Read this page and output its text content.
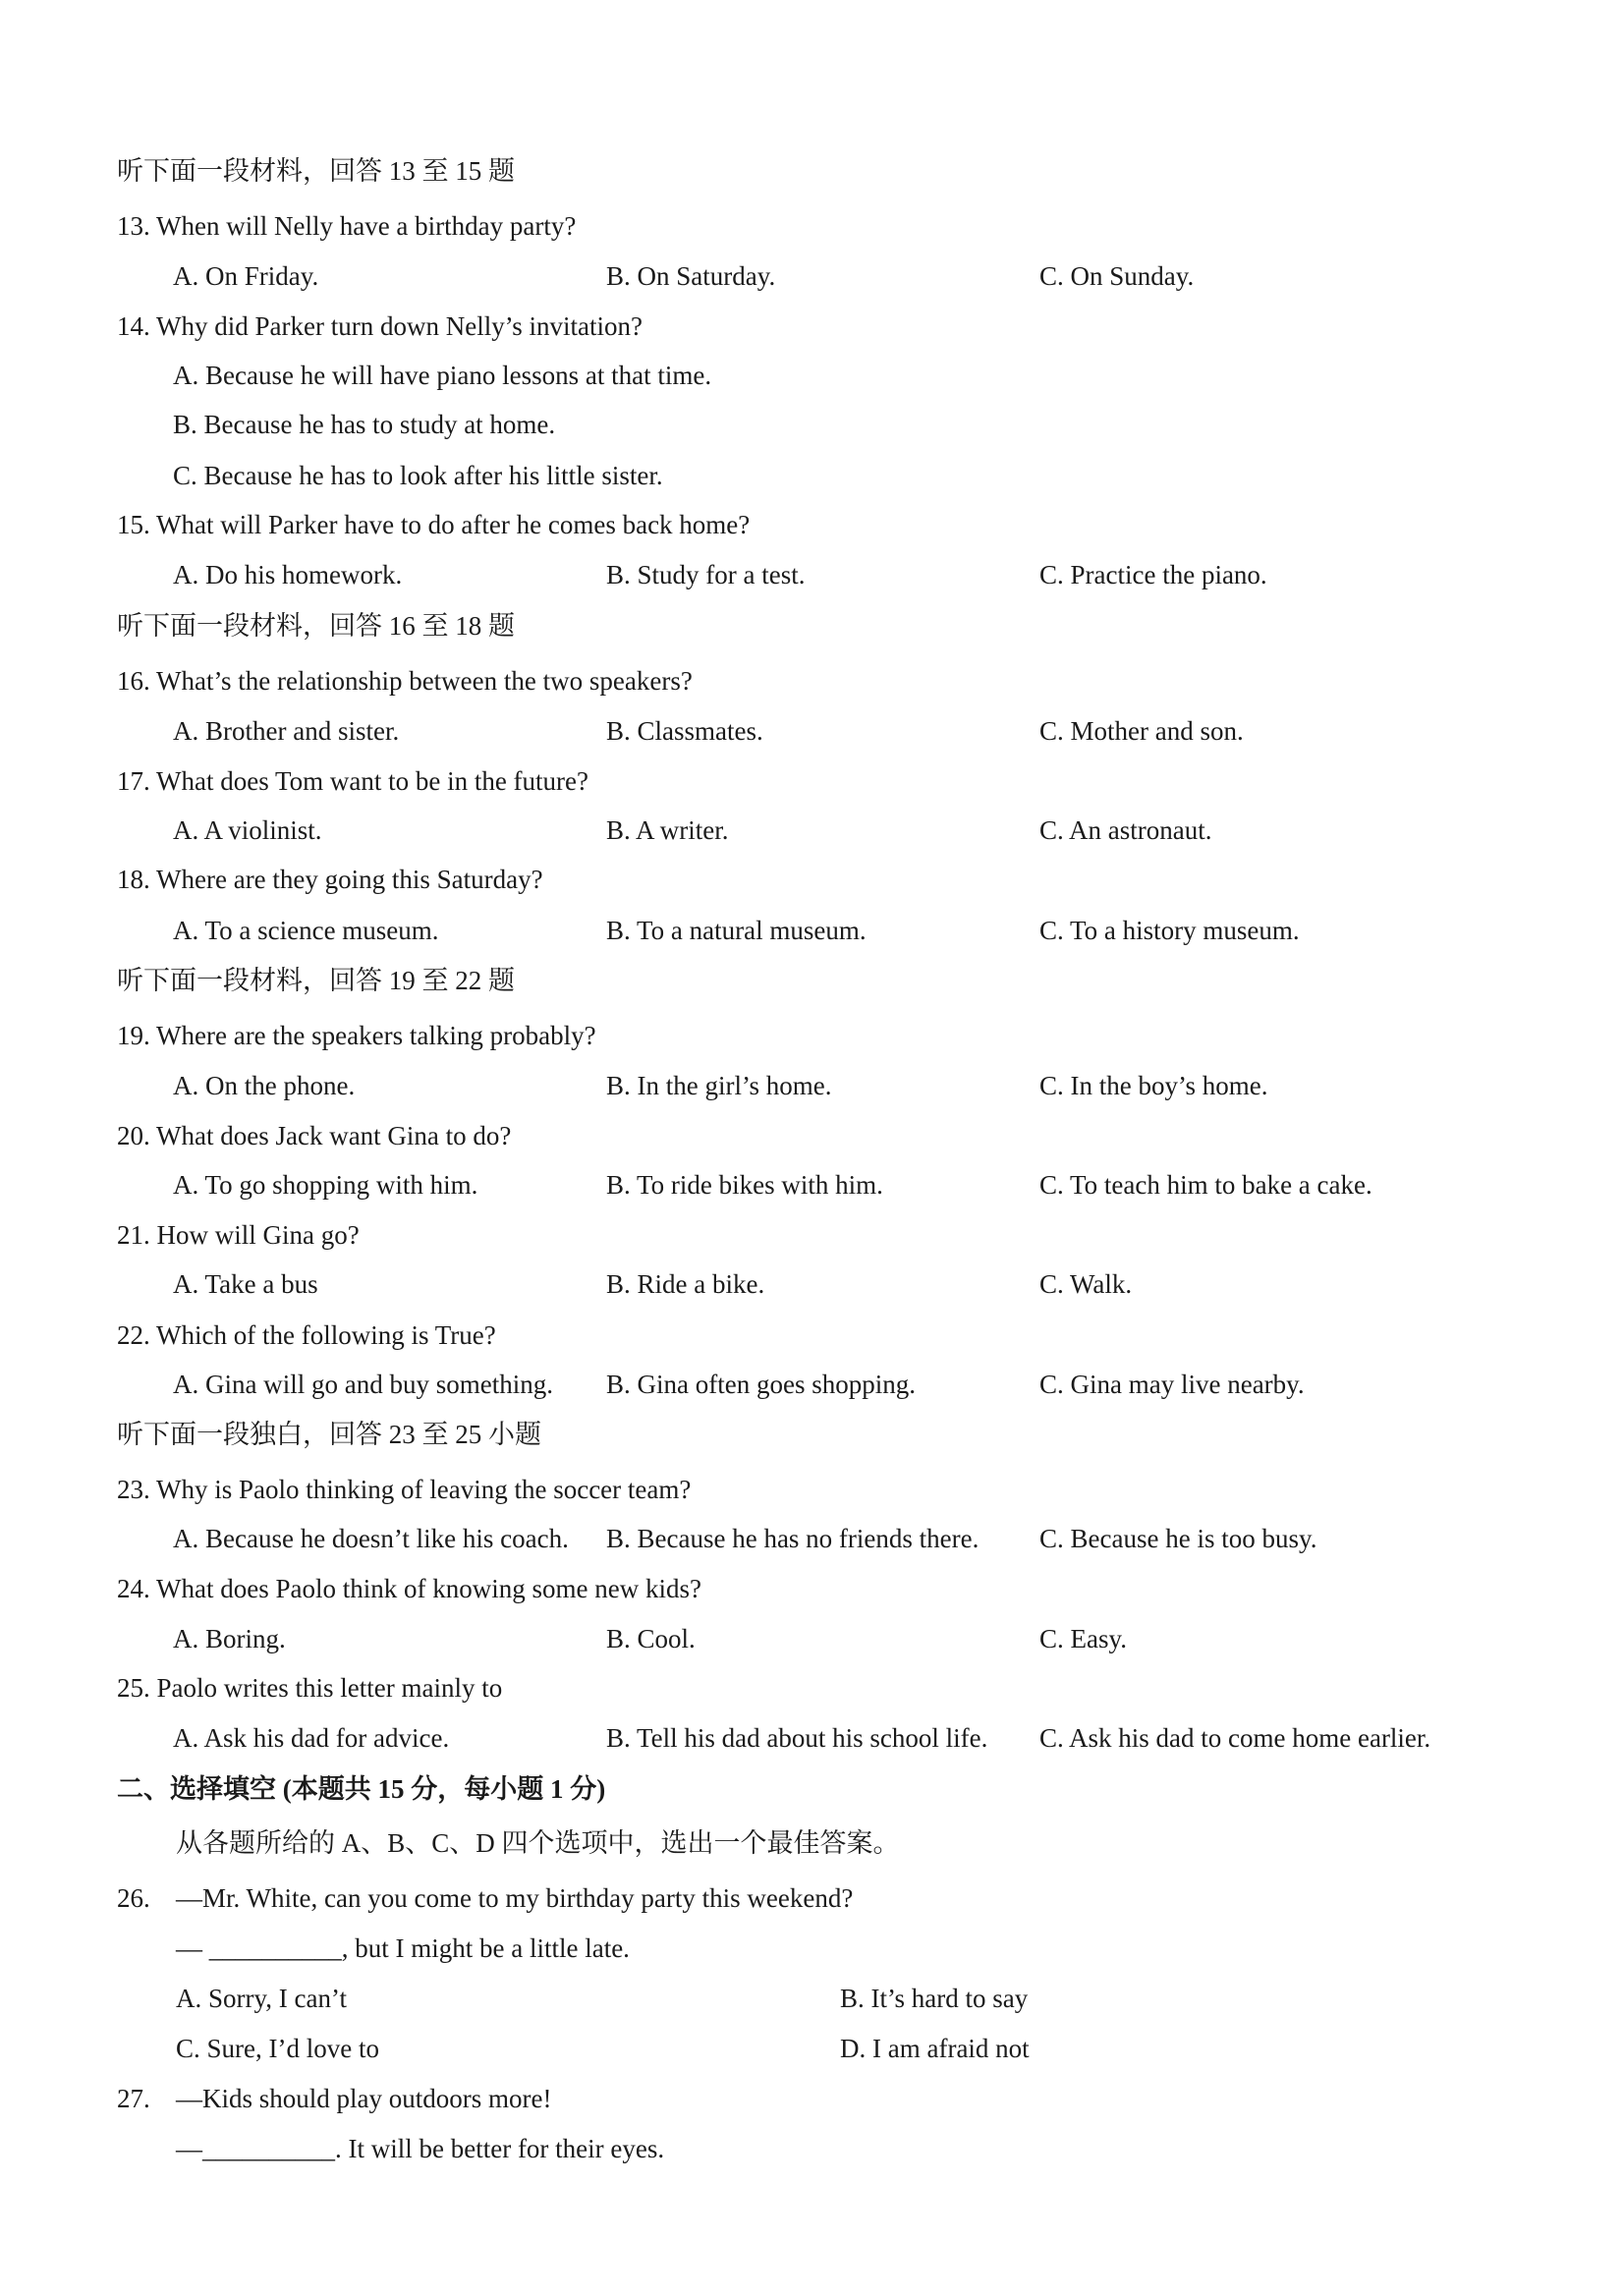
听下面一段材料，回答 13 至 15 题
13. When will Nelly have a birthday party?
A. On Friday.	B. On Saturday.	C. On Sunday.
14. Why did Parker turn down Nelly’s invitation?
A. Because he will have piano lessons at that time.
B. Because he has to study at home.
C. Because he has to look after his little sister.
15. What will Parker have to do after he comes back home?
A. Do his homework.	B. Study for a test.	C. Practice the piano.
听下面一段材料，回答 16 至 18 题
16. What’s the relationship between the two speakers?
A. Brother and sister.	B. Classmates.	C. Mother and son.
17. What does Tom want to be in the future?
A. A violinist.	B. A writer.	C. An astronaut.
18. Where are they going this Saturday?
A. To a science museum.	B. To a natural museum.	C. To a history museum.
听下面一段材料，回答 19 至 22 题
19. Where are the speakers talking probably?
A. On the phone.	B. In the girl’s home.	C. In the boy’s home.
20. What does Jack want Gina to do?
A. To go shopping with him.	B. To ride bikes with him.	C. To teach him to bake a cake.
21. How will Gina go?
A. Take a bus	B. Ride a bike.	C. Walk.
22. Which of the following is True?
A. Gina will go and buy something. B. Gina often goes shopping.	C. Gina may live nearby.
听下面一段独白，回答 23 至 25 小题
23. Why is Paolo thinking of leaving the soccer team?
A. Because he doesn’t like his coach. B. Because he has no friends there. C. Because he is too busy.
24. What does Paolo think of knowing some new kids?
A. Boring.	B. Cool.	C. Easy.
25. Paolo writes this letter mainly to
A. Ask his dad for advice.	B. Tell his dad about his school life. C. Ask his dad to come home earlier.
二、选择填空 (本题共 15 分，每小题 1 分)
从各题所给的 A、B、C、D 四个选项中，选出一个最佳答案。
26. —Mr. White, can you come to my birthday party this weekend?
— __________, but I might be a little late.
A. Sorry, I can’t	B. It’s hard to say
C. Sure, I’d love to	D. I am afraid not
27. —Kids should play outdoors more!
—__________. It will be better for their eyes.
